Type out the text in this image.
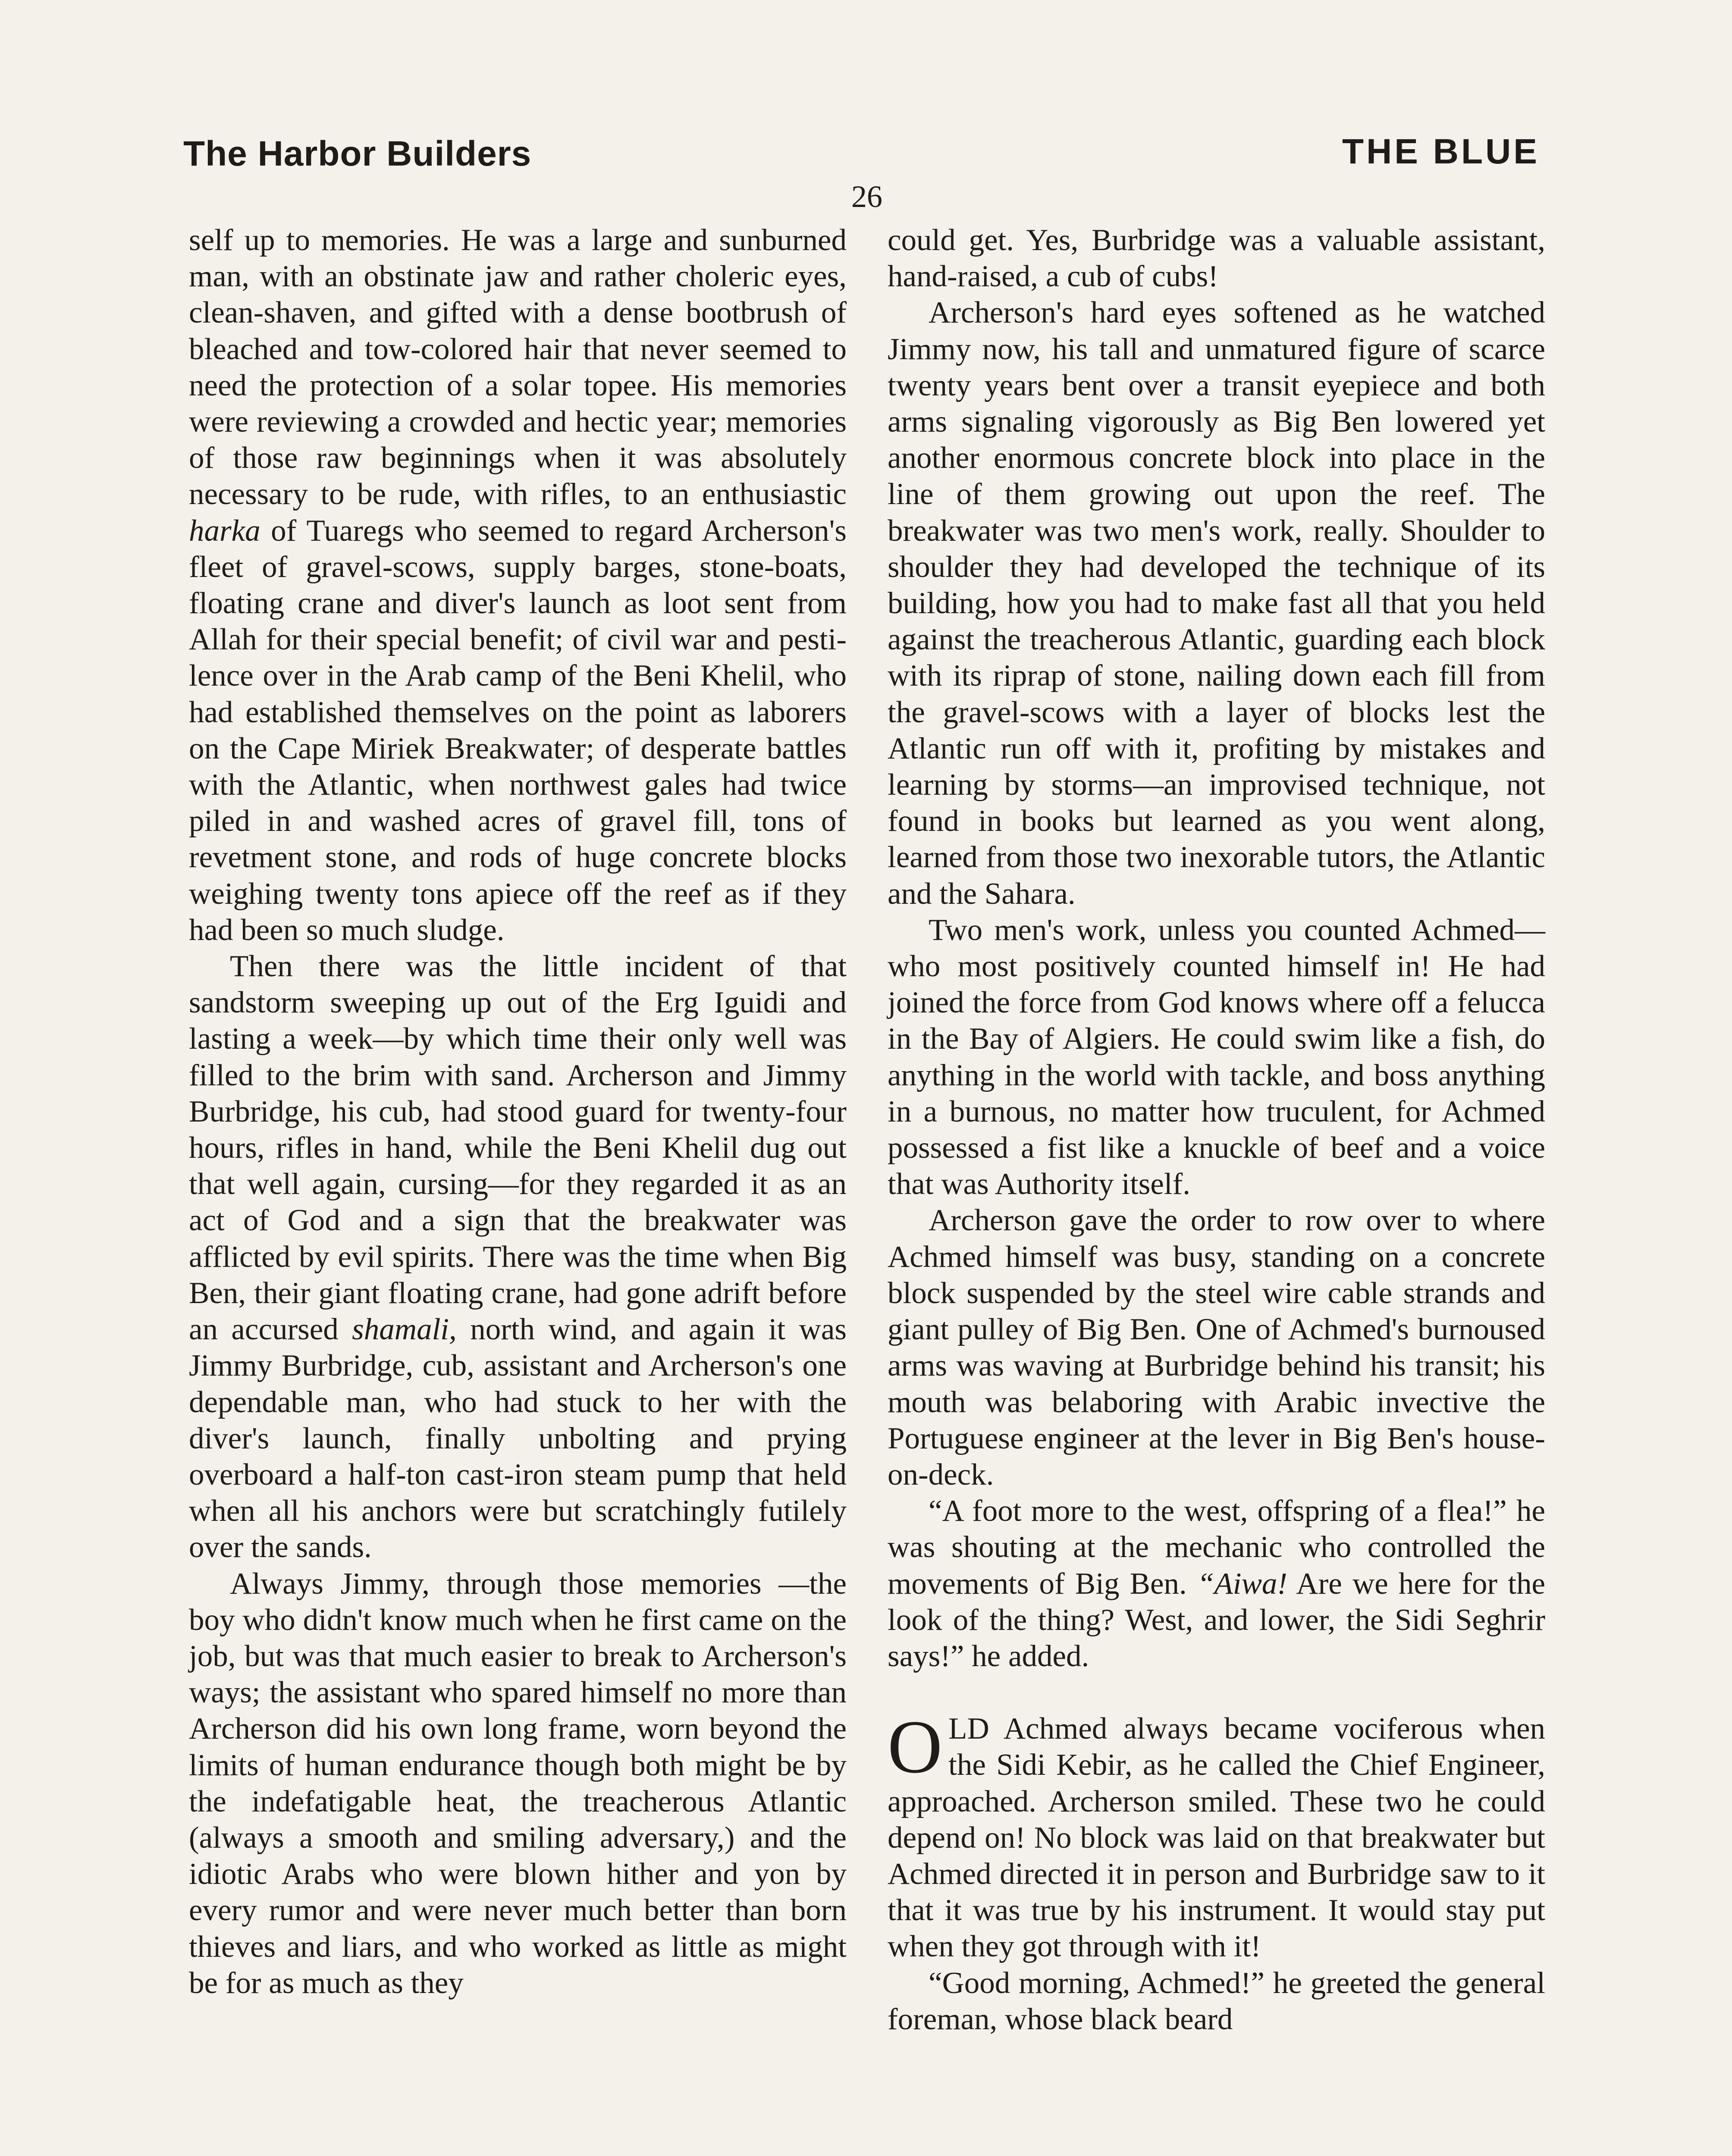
The Harbor Builders	THE BLUE
26

self up to memories. He was a large and sunburned man, with an obstinate jaw and rather choleric eyes, clean-shaven, and gifted with a dense bootbrush of bleached and tow-colored hair that never seemed to need the protection of a solar topee. His memories were reviewing a crowded and hectic year; memories of those raw beginnings when it was absolutely necessary to be rude, with rifles, to an enthusiastic harka of Tuaregs who seemed to regard Archerson's fleet of gravel-scows, supply barges, stone-boats, floating crane and diver's launch as loot sent from Allah for their special benefit; of civil war and pestilence over in the Arab camp of the Beni Khelil, who had established themselves on the point as laborers on the Cape Miriek Breakwater; of desperate battles with the Atlantic, when northwest gales had twice piled in and washed acres of gravel fill, tons of revetment stone, and rods of huge concrete blocks weighing twenty tons apiece off the reef as if they had been so much sludge.

Then there was the little incident of that sandstorm sweeping up out of the Erg Iguidi and lasting a week—by which time their only well was filled to the brim with sand. Archerson and Jimmy Burbridge, his cub, had stood guard for twenty-four hours, rifles in hand, while the Beni Khelil dug out that well again, cursing—for they regarded it as an act of God and a sign that the breakwater was afflicted by evil spirits. There was the time when Big Ben, their giant floating crane, had gone adrift before an accursed shamali, north wind, and again it was Jimmy Burbridge, cub, assistant and Archerson's one dependable man, who had stuck to her with the diver's launch, finally unbolting and prying overboard a half-ton cast-iron steam pump that held when all his anchors were but scratchingly futilely over the sands.

Always Jimmy, through those memories —the boy who didn't know much when he first came on the job, but was that much easier to break to Archerson's ways; the assistant who spared himself no more than Archerson did his own long frame, worn beyond the limits of human endurance though both might be by the indefatigable heat, the treacherous Atlantic (always a smooth and smiling adversary,) and the idiotic Arabs who were blown hither and yon by every rumor and were never much better than born thieves and liars, and who worked as little as might be for as much as they

could get. Yes, Burbridge was a valuable assistant, hand-raised, a cub of cubs!

Archerson's hard eyes softened as he watched Jimmy now, his tall and unmatured figure of scarce twenty years bent over a transit eyepiece and both arms signaling vigorously as Big Ben lowered yet another enormous concrete block into place in the line of them growing out upon the reef. The breakwater was two men's work, really. Shoulder to shoulder they had developed the technique of its building, how you had to make fast all that you held against the treacherous Atlantic, guarding each block with its riprap of stone, nailing down each fill from the gravel-scows with a layer of blocks lest the Atlantic run off with it, profiting by mistakes and learning by storms—an improvised technique, not found in books but learned as you went along, learned from those two inexorable tutors, the Atlantic and the Sahara.

Two men's work, unless you counted Achmed—who most positively counted himself in! He had joined the force from God knows where off a felucca in the Bay of Algiers. He could swim like a fish, do anything in the world with tackle, and boss anything in a burnous, no matter how truculent, for Achmed possessed a fist like a knuckle of beef and a voice that was Authority itself.

Archerson gave the order to row over to where Achmed himself was busy, standing on a concrete block suspended by the steel wire cable strands and giant pulley of Big Ben. One of Achmed's burnoused arms was waving at Burbridge behind his transit; his mouth was belaboring with Arabic invective the Portuguese engineer at the lever in Big Ben's house-on-deck.

“A foot more to the west, offspring of a flea!” he was shouting at the mechanic who controlled the movements of Big Ben. “Aiwa! Are we here for the look of the thing? West, and lower, the Sidi Seghrir says!” he added.

OLD Achmed always became vociferous when the Sidi Kebir, as he called the Chief Engineer, approached. Archerson smiled. These two he could depend on! No block was laid on that breakwater but Achmed directed it in person and Burbridge saw to it that it was true by his instrument. It would stay put when they got through with it!

“Good morning, Achmed!” he greeted the general foreman, whose black beard
